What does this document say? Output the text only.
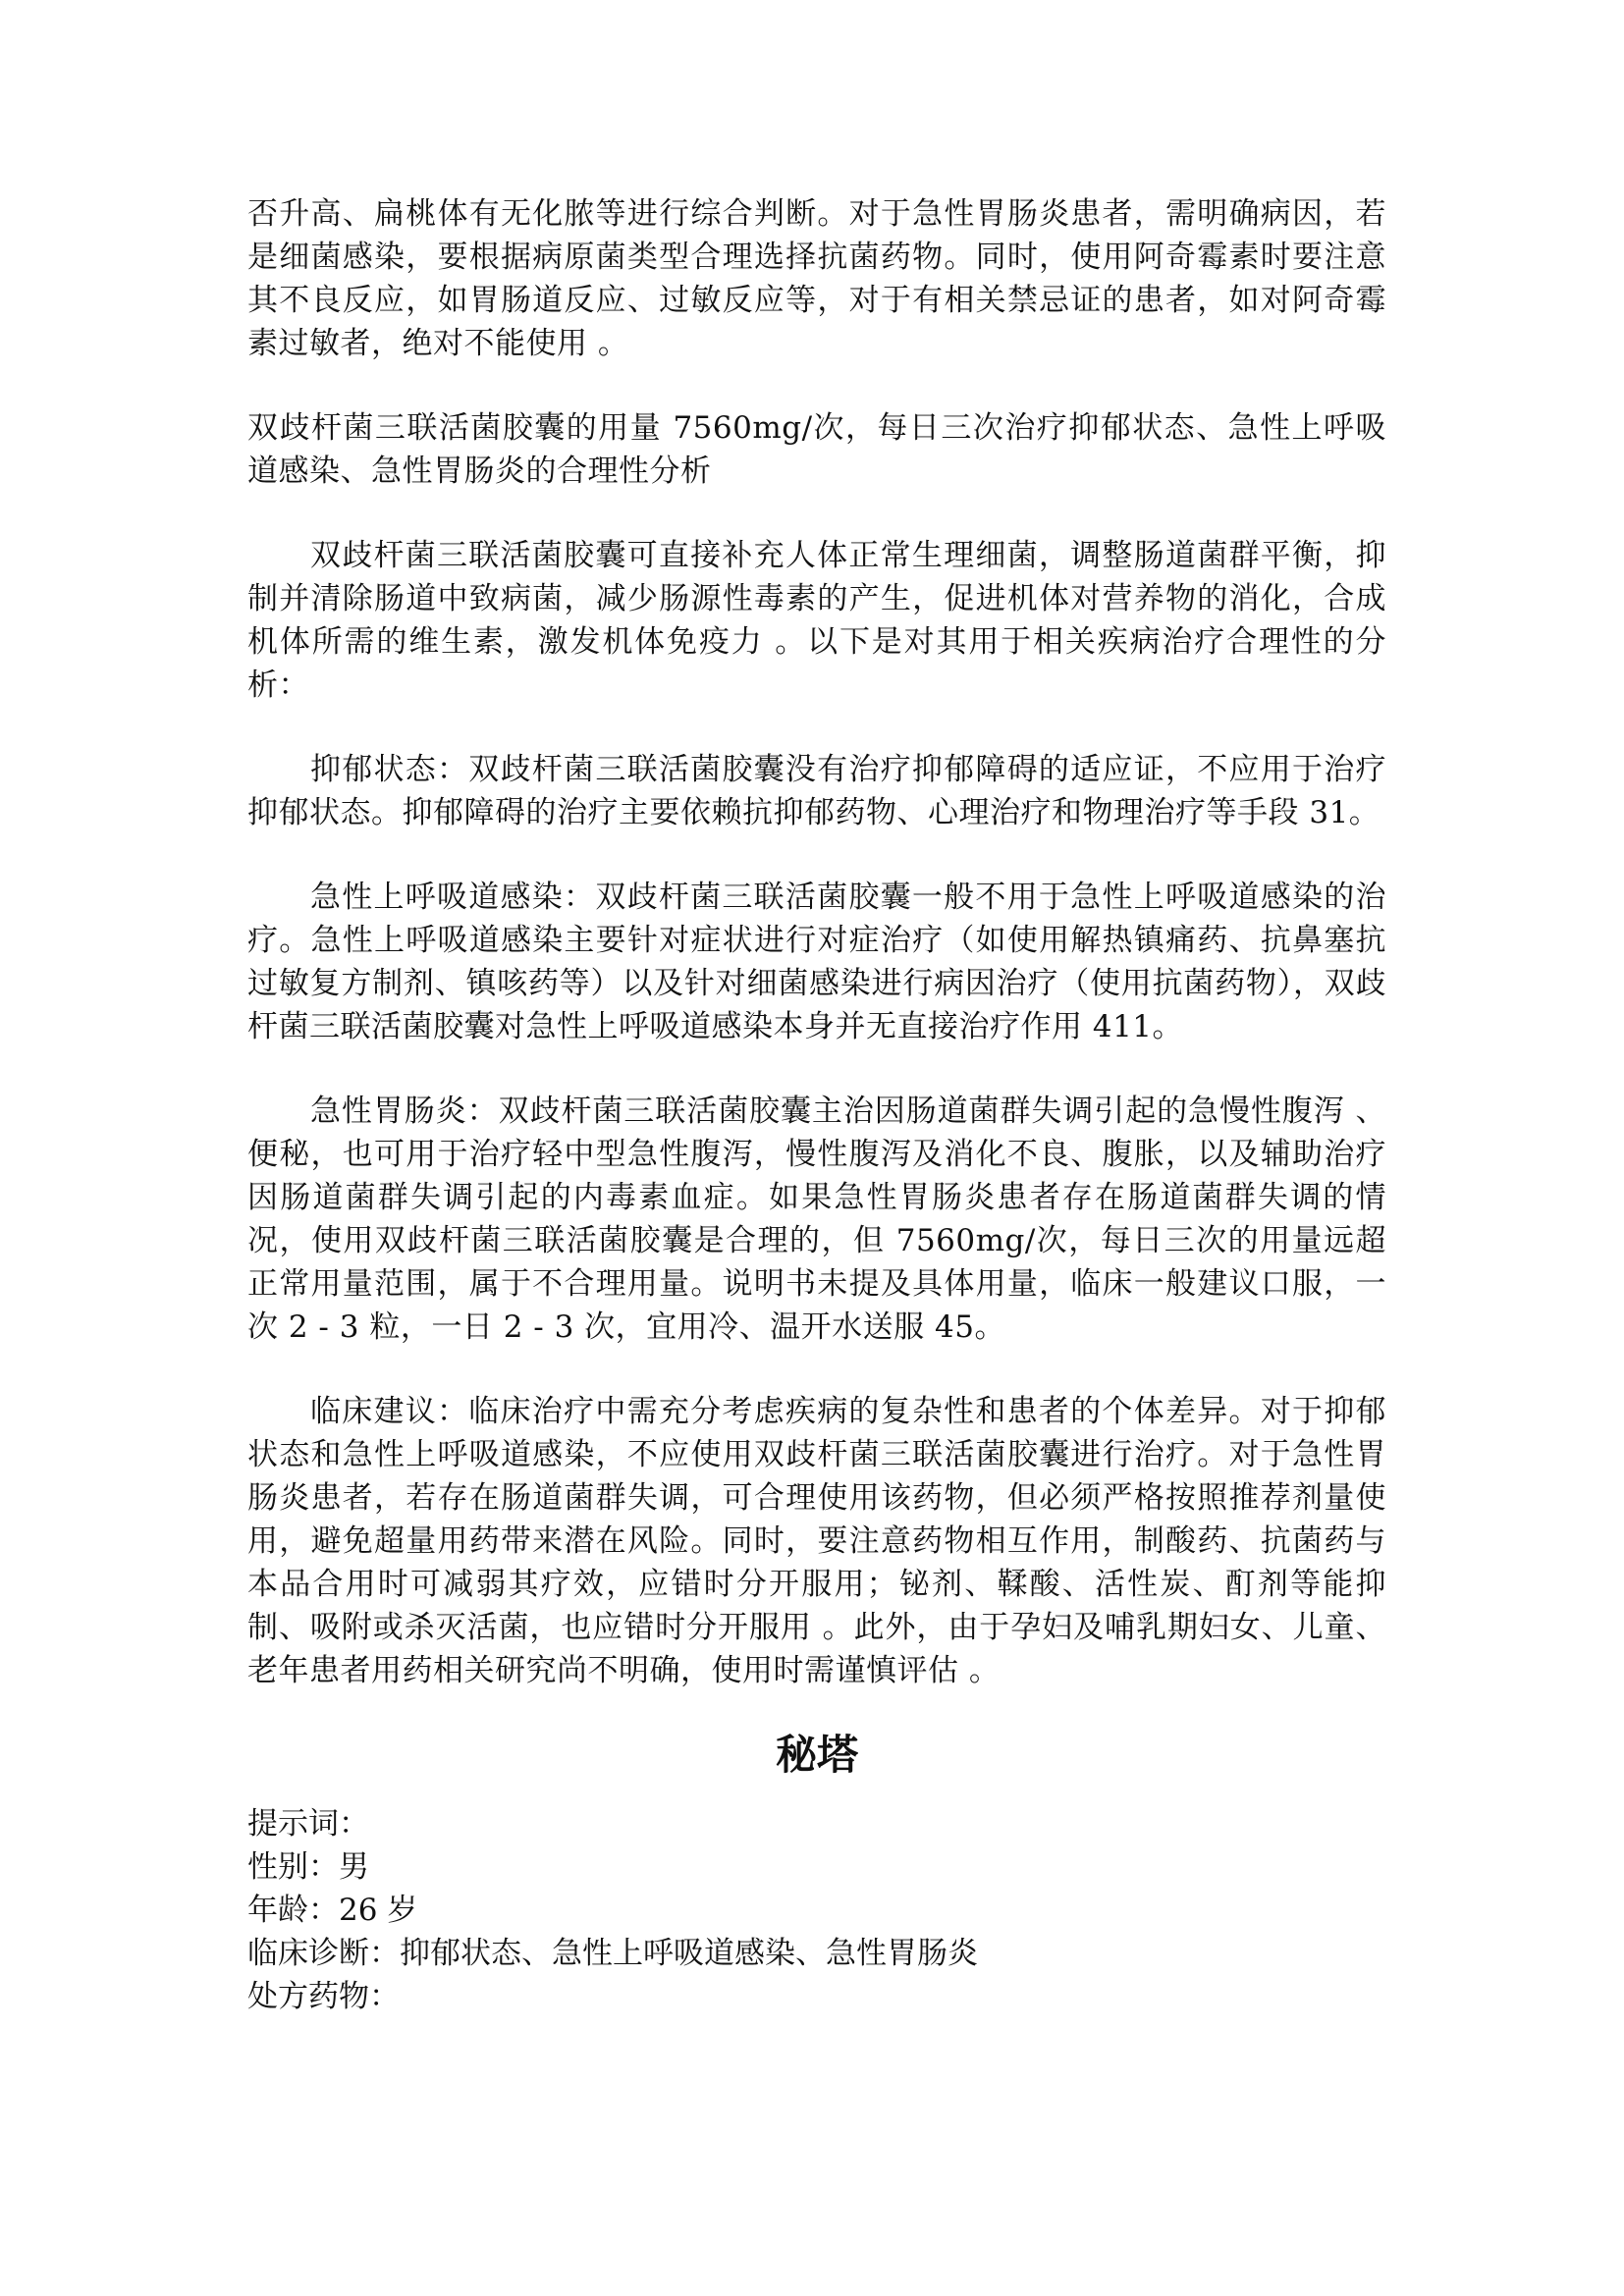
否升高、扁桃体有无化脓等进行综合判断。对于急性胃肠炎患者，需明确病因，若是细菌感染，要根据病原菌类型合理选择抗菌药物。同时，使用阿奇霉素时要注意其不良反应，如胃肠道反应、过敏反应等，对于有相关禁忌证的患者，如对阿奇霉素过敏者，绝对不能使用 。

双歧杆菌三联活菌胶囊的用量 7560mg/次，每日三次治疗抑郁状态、急性上呼吸道感染、急性胃肠炎的合理性分析

双歧杆菌三联活菌胶囊可直接补充人体正常生理细菌，调整肠道菌群平衡，抑制并清除肠道中致病菌，减少肠源性毒素的产生，促进机体对营养物的消化，合成机体所需的维生素，激发机体免疫力 。以下是对其用于相关疾病治疗合理性的分析：

抑郁状态：双歧杆菌三联活菌胶囊没有治疗抑郁障碍的适应证，不应用于治疗抑郁状态。抑郁障碍的治疗主要依赖抗抑郁药物、心理治疗和物理治疗等手段 31。

急性上呼吸道感染：双歧杆菌三联活菌胶囊一般不用于急性上呼吸道感染的治疗。急性上呼吸道感染主要针对症状进行对症治疗（如使用解热镇痛药、抗鼻塞抗过敏复方制剂、镇咳药等）以及针对细菌感染进行病因治疗（使用抗菌药物），双歧杆菌三联活菌胶囊对急性上呼吸道感染本身并无直接治疗作用 411。

急性胃肠炎：双歧杆菌三联活菌胶囊主治因肠道菌群失调引起的急慢性腹泻 、便秘，也可用于治疗轻中型急性腹泻，慢性腹泻及消化不良、腹胀，以及辅助治疗因肠道菌群失调引起的内毒素血症。如果急性胃肠炎患者存在肠道菌群失调的情况，使用双歧杆菌三联活菌胶囊是合理的，但 7560mg/次，每日三次的用量远超正常用量范围，属于不合理用量。说明书未提及具体用量，临床一般建议口服，一次 2 - 3 粒，一日 2 - 3 次，宜用冷、温开水送服 45。

临床建议：临床治疗中需充分考虑疾病的复杂性和患者的个体差异。对于抑郁状态和急性上呼吸道感染，不应使用双歧杆菌三联活菌胶囊进行治疗。对于急性胃肠炎患者，若存在肠道菌群失调，可合理使用该药物，但必须严格按照推荐剂量使用，避免超量用药带来潜在风险。同时，要注意药物相互作用，制酸药、抗菌药与本品合用时可减弱其疗效，应错时分开服用；铋剂、鞣酸、活性炭、酊剂等能抑制、吸附或杀灭活菌，也应错时分开服用 。此外，由于孕妇及哺乳期妇女、儿童、老年患者用药相关研究尚不明确，使用时需谨慎评估 。

秘塔
提示词：
性别：男
年龄：26 岁
临床诊断：抑郁状态、急性上呼吸道感染、急性胃肠炎
处方药物：
